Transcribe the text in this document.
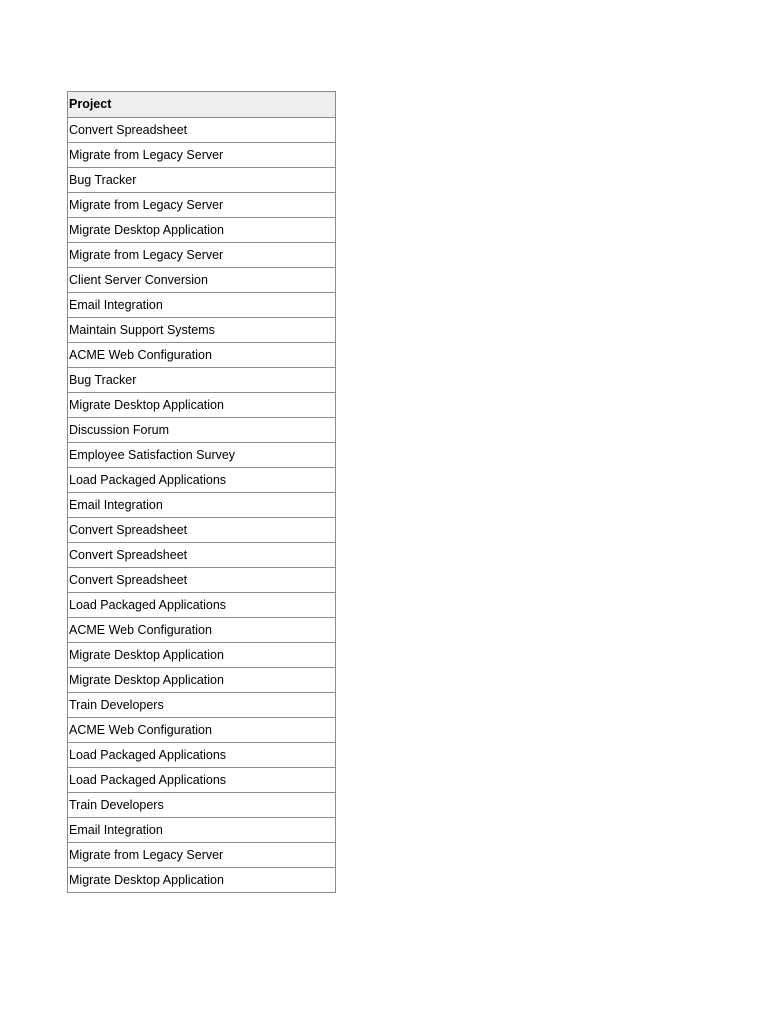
Project
Convert Spreadsheet
Migrate from Legacy Server
Bug Tracker
Migrate from Legacy Server
Migrate Desktop Application
Migrate from Legacy Server
Client Server Conversion
Email Integration
Maintain Support Systems
ACME Web Configuration
Bug Tracker
Migrate Desktop Application
Discussion Forum
Employee Satisfaction Survey
Load Packaged Applications
Email Integration
Convert Spreadsheet
Convert Spreadsheet
Convert Spreadsheet
Load Packaged Applications
ACME Web Configuration
Migrate Desktop Application
Migrate Desktop Application
Train Developers
ACME Web Configuration
Load Packaged Applications
Load Packaged Applications
Train Developers
Email Integration
Migrate from Legacy Server
Migrate Desktop Application
